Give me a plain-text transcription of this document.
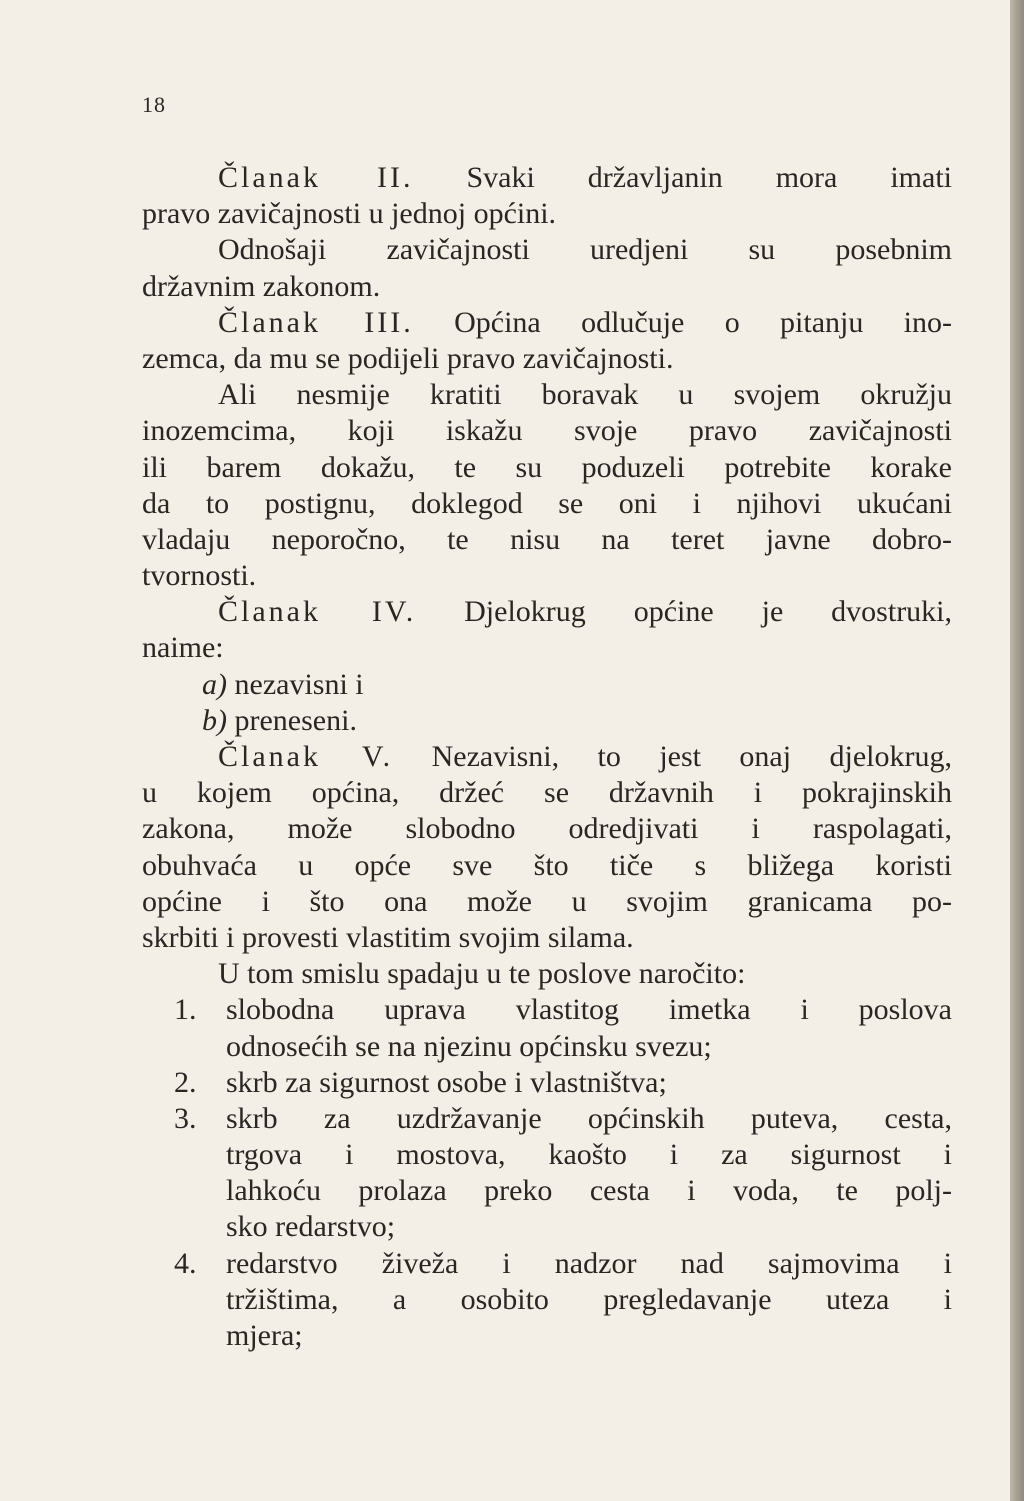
18
Članak II. Svaki državljanin mora imati
pravo zavičajnosti u jednoj općini.
Odnošaji zavičajnosti uredjeni su posebnim
državnim zakonom.
Članak III. Općina odlučuje o pitanju ino-
zemca, da mu se podijeli pravo zavičajnosti.
Ali nesmije kratiti boravak u svojem okružju
inozemcima, koji iskažu svoje pravo zavičajnosti
ili barem dokažu, te su poduzeli potrebite korake
da to postignu, doklegod se oni i njihovi ukućani
vladaju neporočno, te nisu na teret javne dobro-
tvornosti.
Članak IV. Djelokrug općine je dvostruki,
naime:
a) nezavisni i
b) preneseni.
Članak V. Nezavisni, to jest onaj djelokrug,
u kojem općina, držeć se državnih i pokrajinskih
zakona, može slobodno odredjivati i raspolagati,
obuhvaća u opće sve što tiče s bližega koristi
općine i što ona može u svojim granicama po-
skrbiti i provesti vlastitim svojim silama.
U tom smislu spadaju u te poslove naročito:
1. slobodna uprava vlastitog imetka i poslova
odnosećih se na njezinu općinsku svezu;
2. skrb za sigurnost osobe i vlastništva;
3. skrb za uzdržavanje općinskih puteva, cesta,
trgova i mostova, kaošto i za sigurnost i
lahkoću prolaza preko cesta i voda, te polj-
sko redarstvo;
4. redarstvo živeža i nadzor nad sajmovima i
tržištima, a osobito pregledavanje uteza i
mjera;
